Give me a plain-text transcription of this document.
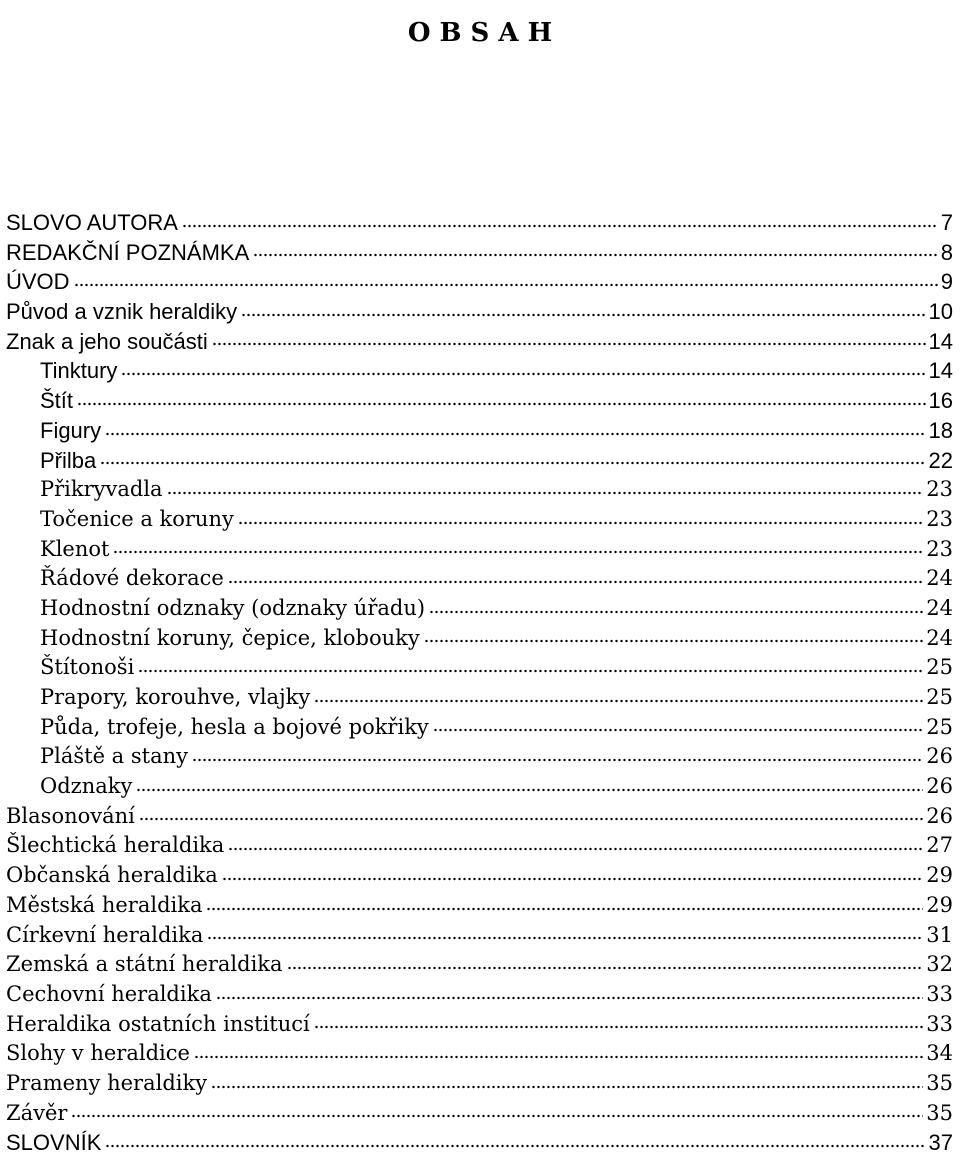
O B S A H
SLOVO AUTORA	7
REDAKČNÍ POZNÁMKA	8
ÚVOD	9
Původ a vznik heraldiky	10
Znak a jeho součásti	14
Tinktury	14
Štít	16
Figury	18
Přilba	22
Přikryvadla	23
Točenice a koruny	23
Klenot	23
Řádové dekorace	24
Hodnostní odznaky (odznaky úřadu)	24
Hodnostní koruny, čepice, klobouky	24
Štítonoši	25
Prapory, korouhve, vlajky	25
Půda, trofeje, hesla a bojové pokřiky	25
Pláště a stany	26
Odznaky	26
Blasonování	26
Šlechtická heraldika	27
Občanská heraldika	29
Městská heraldika	29
Církevní heraldika	31
Zemská a státní heraldika	32
Cechovní heraldika	33
Heraldika ostatních institucí	33
Slohy v heraldice	34
Prameny heraldiky	35
Závěr	35
SLOVNÍK	37
